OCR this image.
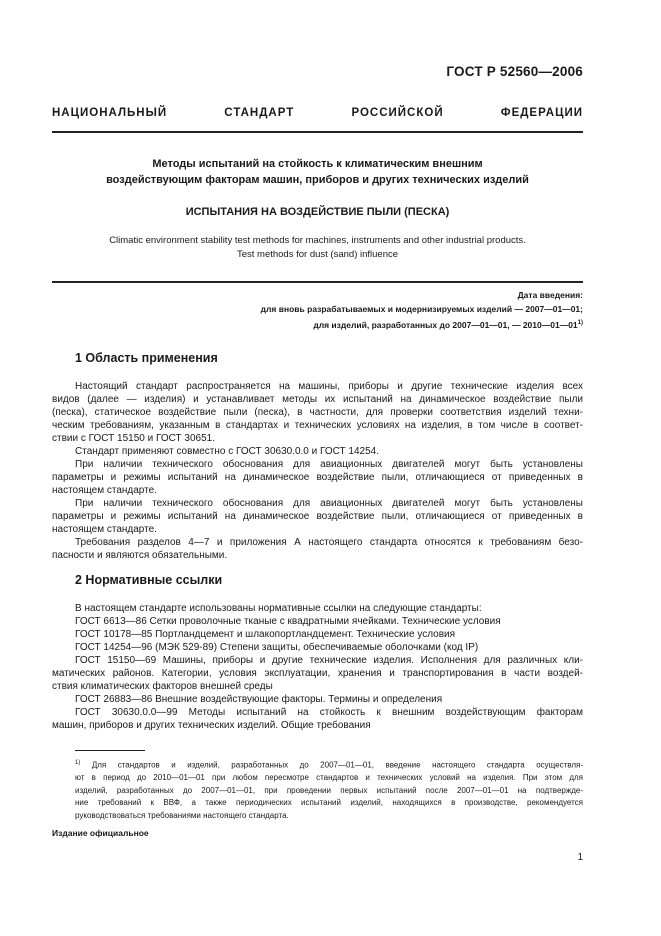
ГОСТ Р 52560—2006
НАЦИОНАЛЬНЫЙ СТАНДАРТ РОССИЙСКОЙ ФЕДЕРАЦИИ
Методы испытаний на стойкость к климатическим внешним
воздействующим факторам машин, приборов и других технических изделий
ИСПЫТАНИЯ НА ВОЗДЕЙСТВИЕ ПЫЛИ (ПЕСКА)
Climatic environment stability test methods for machines, instruments and other industrial products.
Test methods for dust (sand) influence
Дата введения:
для вновь разрабатываемых и модернизируемых изделий — 2007—01—01;
для изделий, разработанных до 2007—01—01, — 2010—01—01$^{1)}$
1 Область применения
Настоящий стандарт распространяется на машины, приборы и другие технические изделия всех
видов (далее — изделия) и устанавливает методы их испытаний на динамическое воздействие пыли
(песка), статическое воздействие пыли (песка), в частности, для проверки соответствия изделий техни-
ческим требованиям, указанным в стандартах и технических условиях на изделия, в том числе в соответ-
ствии с ГОСТ 15150 и ГОСТ 30651.
Стандарт применяют совместно с ГОСТ 30630.0.0 и ГОСТ 14254.
При наличии технического обоснования для авиационных двигателей могут быть установлены
параметры и режимы испытаний на динамическое воздействие пыли, отличающиеся от приведенных в
настоящем стандарте.
При наличии технического обоснования для авиационных двигателей могут быть установлены
параметры и режимы испытаний на динамическое воздействие пыли, отличающиеся от приведенных в
настоящем стандарте.
Требования разделов 4—7 и приложения А настоящего стандарта относятся к требованиям безо-
пасности и являются обязательными.
2 Нормативные ссылки
В настоящем стандарте использованы нормативные ссылки на следующие стандарты:
ГОСТ 6613—86 Сетки проволочные тканые с квадратными ячейками. Технические условия
ГОСТ 10178—85 Портландцемент и шлакопортландцемент. Технические условия
ГОСТ 14254—96 (МЭК 529-89) Степени защиты, обеспечиваемые оболочками (код IP)
ГОСТ 15150—69 Машины, приборы и другие технические изделия. Исполнения для различных кли-
матических районов. Категории, условия эксплуатации, хранения и транспортирования в части воздей-
ствия климатических факторов внешней среды
ГОСТ 26883—86 Внешние воздействующие факторы. Термины и определения
ГОСТ 30630.0.0—99 Методы испытаний на стойкость к внешним воздействующим факторам
машин, приборов и других технических изделий. Общие требования
$^{1)}$ Для стандартов и изделий, разработанных до 2007—01—01, введение настоящего стандарта осуществля-
ют в период до 2010—01—01 при любом пересмотре стандартов и технических условий на изделия. При этом для
изделий, разработанных до 2007—01—01, при проведении первых испытаний после 2007—01—01 на подтвержде-
ние требований к ВВФ, а также периодических испытаний изделий, находящихся в производстве, рекомендуется
руководствоваться требованиями настоящего стандарта.
Издание официальное
1
